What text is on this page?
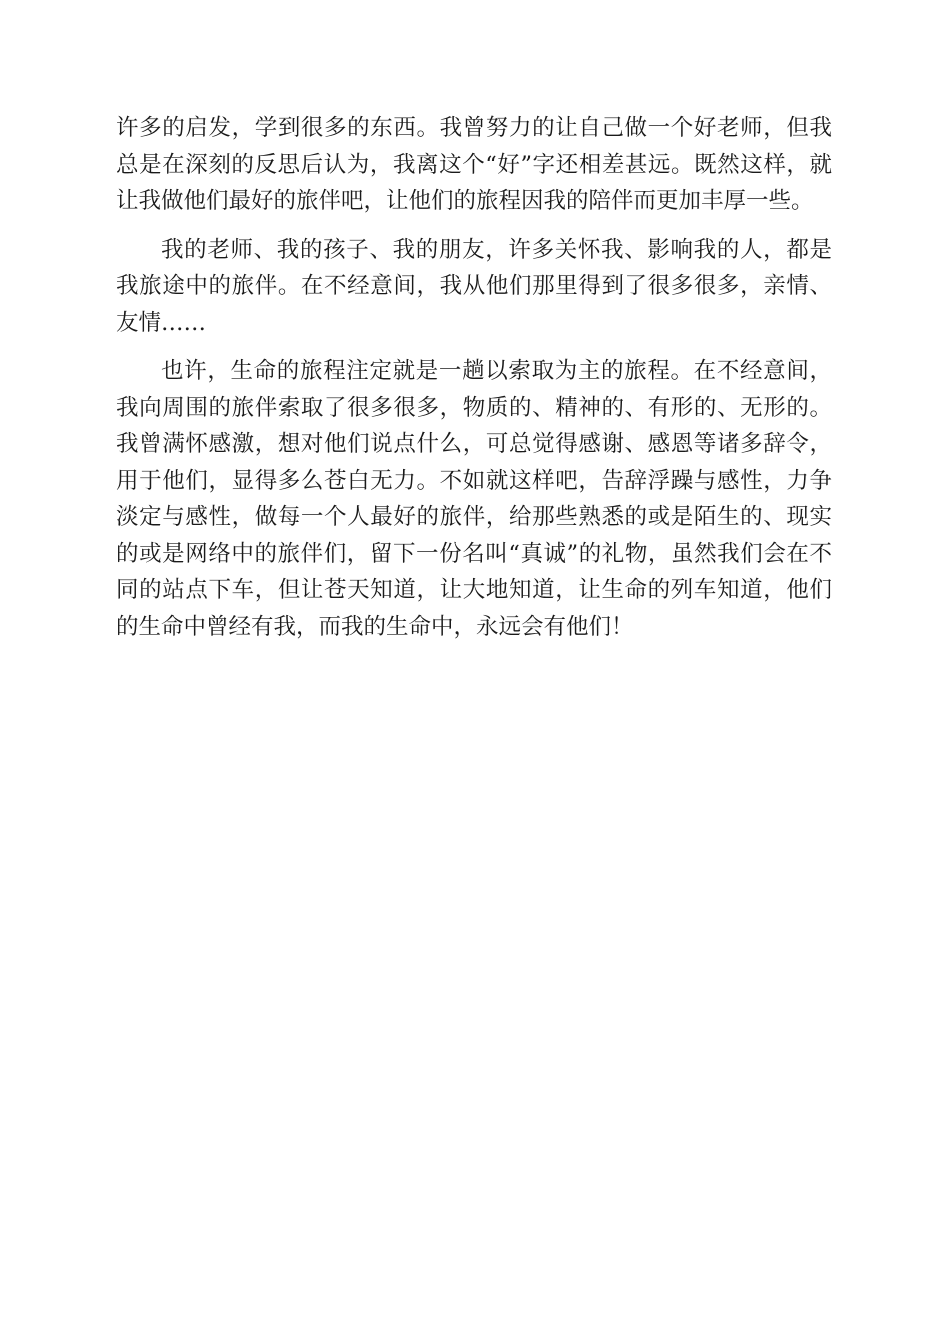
许多的启发，学到很多的东西。我曾努力的让自己做一个好老师，但我总是在深刻的反思后认为，我离这个“好”字还相差甚远。既然这样，就让我做他们最好的旅伴吧，让他们的旅程因我的陪伴而更加丰厚一些。

我的老师、我的孩子、我的朋友，许多关怀我、影响我的人，都是我旅途中的旅伴。在不经意间，我从他们那里得到了很多很多，亲情、友情……

也许，生命的旅程注定就是一趟以索取为主的旅程。在不经意间，我向周围的旅伴索取了很多很多，物质的、精神的、有形的、无形的。我曾满怀感激，想对他们说点什么，可总觉得感谢、感恩等诸多辞令，用于他们，显得多么苍白无力。不如就这样吧，告辞浮躁与感性，力争淡定与感性，做每一个人最好的旅伴，给那些熟悉的或是陌生的、现实的或是网络中的旅伴们，留下一份名叫“真诚”的礼物，虽然我们会在不同的站点下车，但让苍天知道，让大地知道，让生命的列车知道，他们的生命中曾经有我，而我的生命中，永远会有他们！
